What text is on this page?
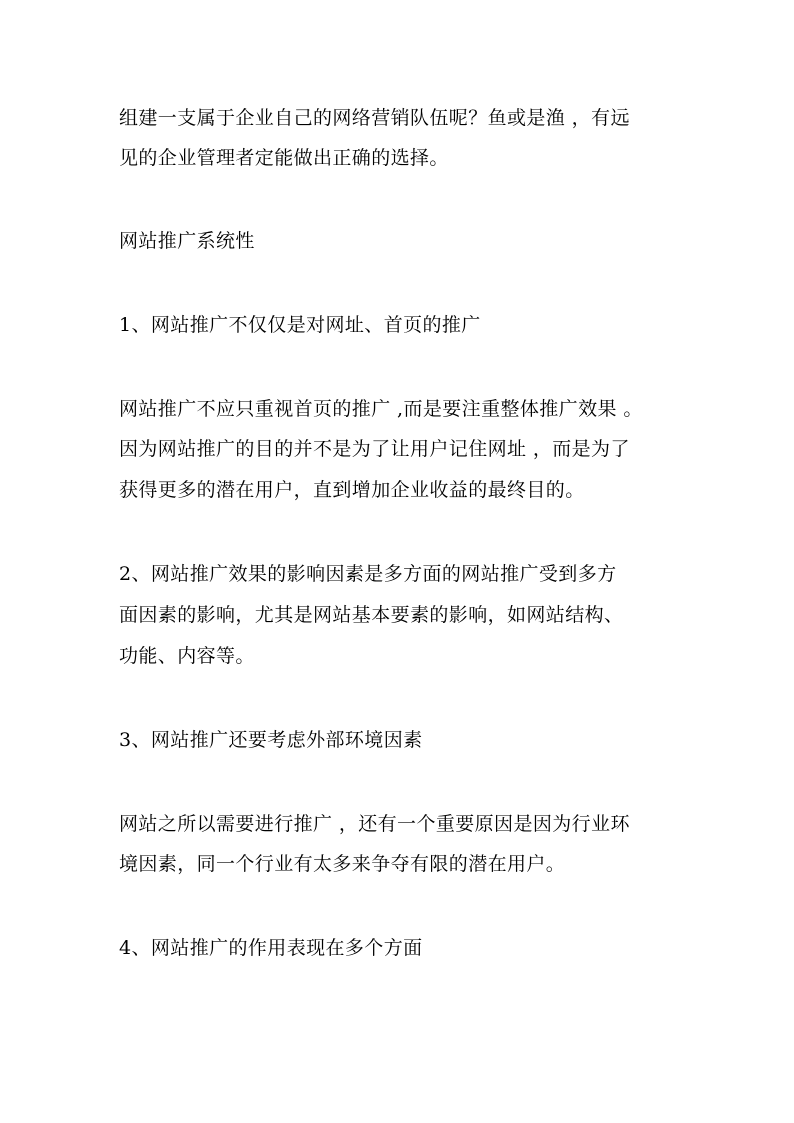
组建一支属于企业自己的网络营销队伍呢？鱼或是渔 ，有远
见的企业管理者定能做出正确的选择。
网站推广系统性
1、网站推广不仅仅是对网址、首页的推广
网站推广不应只重视首页的推广 ,而是要注重整体推广效果 。
因为网站推广的目的并不是为了让用户记住网址 ，而是为了
获得更多的潜在用户，直到增加企业收益的最终目的。
2、网站推广效果的影响因素是多方面的网站推广受到多方
面因素的影响，尤其是网站基本要素的影响，如网站结构、
功能、内容等。
3、网站推广还要考虑外部环境因素
网站之所以需要进行推广 ，还有一个重要原因是因为行业环
境因素，同一个行业有太多来争夺有限的潜在用户。
4、网站推广的作用表现在多个方面
